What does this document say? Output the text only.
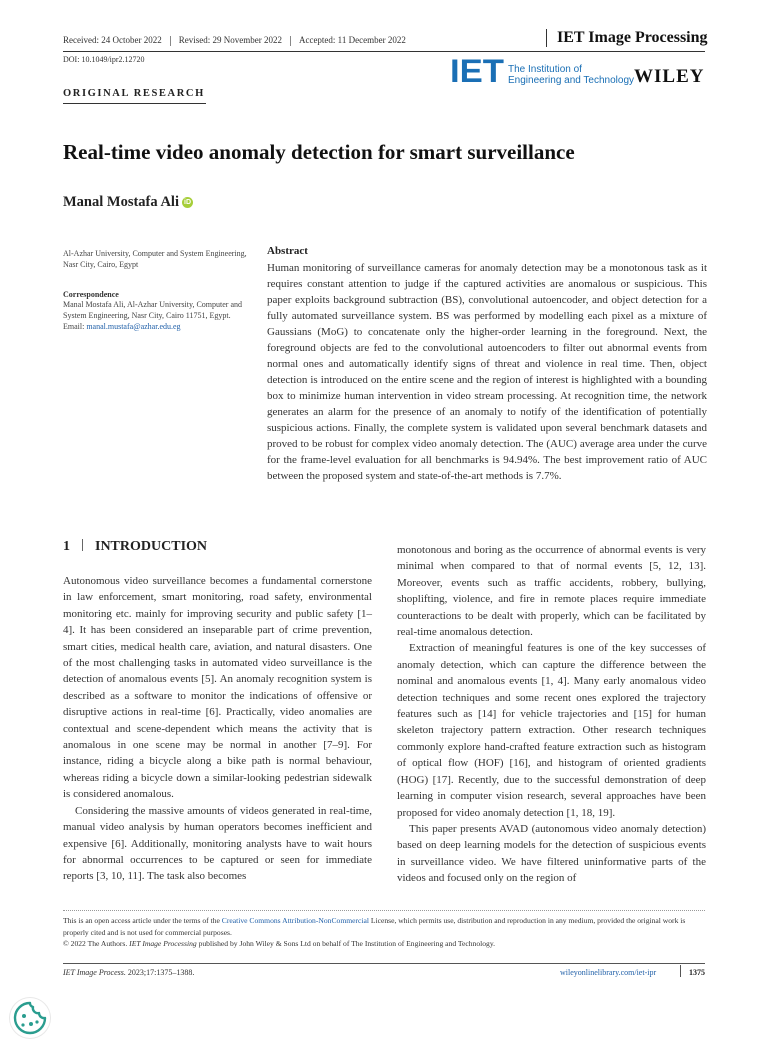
Received: 24 October 2022 Revised: 29 November 2022 Accepted: 11 December 2022	IET Image Processing
DOI: 10.1049/ipr2.12720	IET The Institution of
Engineering and Technology WILEY
ORIGINAL RESEARCH
Real-time video anomaly detection for smart surveillance
Manal Mostafa Ali iD
Al-Azhar University, Computer and System Engineering, Nasr City, Cairo, Egypt
Correspondence
Manal Mostafa Ali, Al-Azhar University, Computer and System Engineering, Nasr City, Cairo 11751, Egypt.
Email: manal.mustafa@azhar.edu.eg
Abstract
Human monitoring of surveillance cameras for anomaly detection may be a monotonous task as it requires constant attention to judge if the captured activities are anomalous or suspicious. This paper exploits background subtraction (BS), convolutional autoencoder, and object detection for a fully automated surveillance system. BS was performed by modelling each pixel as a mixture of Gaussians (MoG) to concatenate only the higher-order learning in the foreground. Next, the foreground objects are fed to the convolutional autoencoders to filter out abnormal events from normal ones and automatically identify signs of threat and violence in real time. Then, object detection is introduced on the entire scene and the region of interest is highlighted with a bounding box to minimize human intervention in video stream processing. At recognition time, the network generates an alarm for the presence of an anomaly to notify of the identification of potentially suspicious actions. Finally, the complete system is validated upon several benchmark datasets and proved to be robust for complex video anomaly detection. The (AUC) average area under the curve for the frame-level evaluation for all benchmarks is 94.94%. The best improvement ratio of AUC between the proposed system and state-of-the-art methods is 7.7%.
1 INTRODUCTION

Autonomous video surveillance becomes a fundamental cornerstone in law enforcement, smart monitoring, road safety, environmental monitoring etc. mainly for improving security and public safety [1–4]. It has been considered an inseparable part of crime prevention, smart cities, medical health care, aviation, and natural disasters. One of the most challenging tasks in automated video surveillance is the detection of anomalous events [5]. An anomaly recognition system is described as a software to monitor the indications of offensive or disruptive actions in real-time [6]. Practically, video anomalies are contextual and scene-dependent which means the activity that is anomalous in one scene may be normal in another [7–9]. For instance, riding a bicycle along a bike path is normal behaviour, whereas riding a bicycle down a similar-looking pedestrian sidewalk is considered anomalous.

Considering the massive amounts of videos generated in real-time, manual video analysis by human operators becomes inefficient and expensive [6]. Additionally, monitoring analysts have to wait hours for abnormal occurrences to be captured or seen for immediate reports [3, 10, 11]. The task also becomes

monotonous and boring as the occurrence of abnormal events is very minimal when compared to that of normal events [5, 12, 13]. Moreover, events such as traffic accidents, robbery, bullying, shoplifting, violence, and fire in remote places require immediate counteractions to be dealt with properly, which can be facilitated by real-time anomalous detection.

Extraction of meaningful features is one of the key successes of anomaly detection, which can capture the difference between the nominal and anomalous events [1, 4]. Many early anomalous video detection techniques and some recent ones explored the trajectory features such as [14] for vehicle trajectories and [15] for human skeleton trajectory pattern extraction. Other research techniques commonly explore hand-crafted feature extraction such as histogram of optical flow (HOF) [16], and histogram of oriented gradients (HOG) [17]. Recently, due to the successful demonstration of deep learning in computer vision research, several approaches have been proposed for video anomaly detection [1, 18, 19].

This paper presents AVAD (autonomous video anomaly detection) based on deep learning models for the detection of suspicious events in surveillance video. We have filtered uninformative parts of the videos and focused only on the region of

This is an open access article under the terms of the Creative Commons Attribution-NonCommercial License, which permits use, distribution and reproduction in any medium, provided the original work is properly cited and is not used for commercial purposes.

© 2022 The Authors. IET Image Processing published by John Wiley & Sons Ltd on behalf of The Institution of Engineering and Technology.

IET Image Process. 2023;17:1375–1388.	wileyonlinelibrary.com/iet-ipr	1375
